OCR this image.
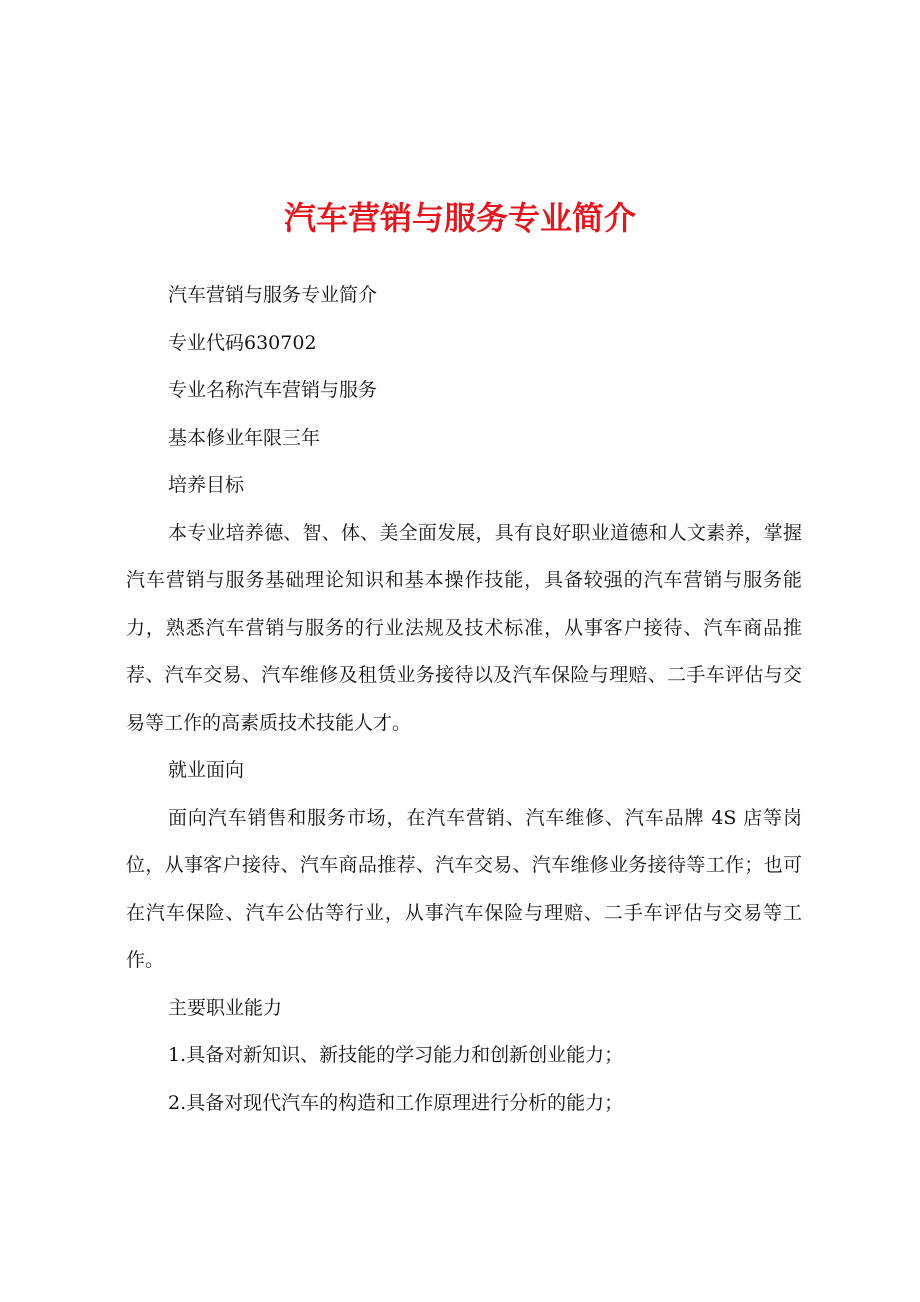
汽车营销与服务专业简介

汽车营销与服务专业简介

专业代码630702

专业名称汽车营销与服务

基本修业年限三年

培养目标

本专业培养德、智、体、美全面发展，具有良好职业道德和人文素养，掌握汽车营销与服务基础理论知识和基本操作技能，具备较强的汽车营销与服务能力，熟悉汽车营销与服务的行业法规及技术标准，从事客户接待、汽车商品推荐、汽车交易、汽车维修及租赁业务接待以及汽车保险与理赔、二手车评估与交易等工作的高素质技术技能人才。

就业面向

面向汽车销售和服务市场，在汽车营销、汽车维修、汽车品牌 4S 店等岗位，从事客户接待、汽车商品推荐、汽车交易、汽车维修业务接待等工作；也可在汽车保险、汽车公估等行业，从事汽车保险与理赔、二手车评估与交易等工作。

主要职业能力

1.具备对新知识、新技能的学习能力和创新创业能力；

2.具备对现代汽车的构造和工作原理进行分析的能力；
